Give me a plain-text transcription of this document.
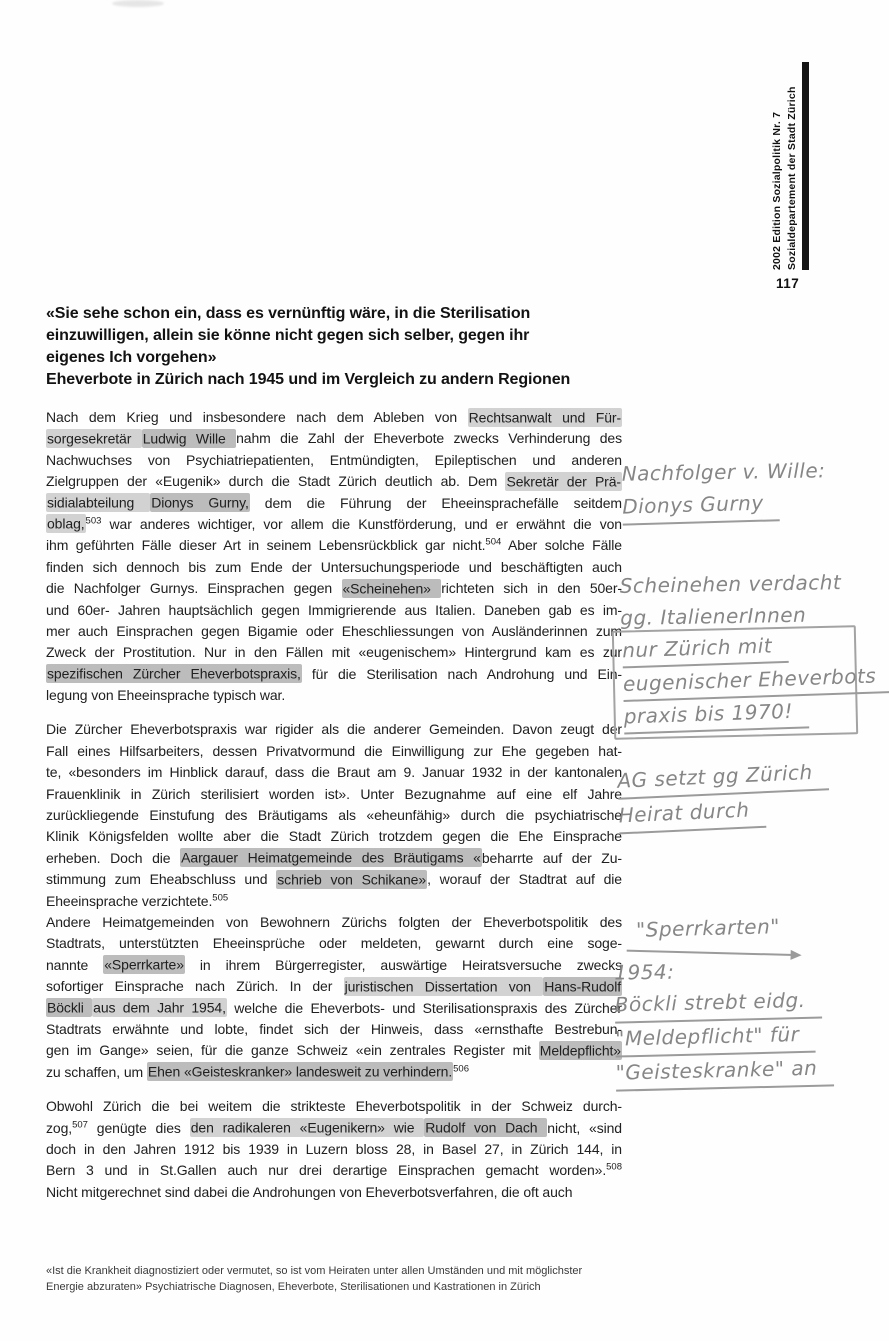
2002 Edition Sozialpolitik Nr. 7 Sozialdepartement der Stadt Zürich
117
«Sie sehe schon ein, dass es vernünftig wäre, in die Sterilisation
einzuwilligen, allein sie könne nicht gegen sich selber, gegen ihr
eigenes Ich vorgehen»
Eheverbote in Zürich nach 1945 und im Vergleich zu andern Regionen
Nach dem Krieg und insbesondere nach dem Ableben von Rechtsanwalt und Für-
sorgesekretär Ludwig Wille nahm die Zahl der Eheverbote zwecks Verhinderung des
Nachwuchses von Psychiatriepatienten, Entmündigten, Epileptischen und anderen
Zielgruppen der «Eugenik» durch die Stadt Zürich deutlich ab. Dem Sekretär der Prä-
sidialabteilung Dionys Gurny, dem die Führung der Eheeinsprachefälle seitdem
oblag,$^{503}$ war anderes wichtiger, vor allem die Kunstförderung, und er erwähnt die von
ihm geführten Fälle dieser Art in seinem Lebensrückblick gar nicht.$^{504}$ Aber solche Fälle
finden sich dennoch bis zum Ende der Untersuchungsperiode und beschäftigten auch
die Nachfolger Gurnys. Einsprachen gegen «Scheinehen» richteten sich in den 50er-
und 60er- Jahren hauptsächlich gegen Immigrierende aus Italien. Daneben gab es im-
mer auch Einsprachen gegen Bigamie oder Eheschliessungen von Ausländerinnen zum
Zweck der Prostitution. Nur in den Fällen mit «eugenischem» Hintergrund kam es zur
spezifischen Zürcher Eheverbotspraxis, für die Sterilisation nach Androhung und Ein-
legung von Eheeinsprache typisch war.
Die Zürcher Eheverbotspraxis war rigider als die anderer Gemeinden. Davon zeugt der
Fall eines Hilfsarbeiters, dessen Privatvormund die Einwilligung zur Ehe gegeben hat-
te, «besonders im Hinblick darauf, dass die Braut am 9. Januar 1932 in der kantonalen
Frauenklinik in Zürich sterilisiert worden ist». Unter Bezugnahme auf eine elf Jahre
zurückliegende Einstufung des Bräutigams als «eheunfähig» durch die psychiatrische
Klinik Königsfelden wollte aber die Stadt Zürich trotzdem gegen die Ehe Einsprache
erheben. Doch die Aargauer Heimatgemeinde des Bräutigams «beharrte auf der Zu-
stimmung zum Eheabschluss und schrieb von Schikane», worauf der Stadtrat auf die
Eheeinsprache verzichtete.$^{505}$
Andere Heimatgemeinden von Bewohnern Zürichs folgten der Eheverbotspolitik des
Stadtrats, unterstützten Eheeinsprüche oder meldeten, gewarnt durch eine soge-
nannte «Sperrkarte» in ihrem Bürgerregister, auswärtige Heiratsversuche zwecks
sofortiger Einsprache nach Zürich. In der juristischen Dissertation von Hans-Rudolf
Böckli aus dem Jahr 1954, welche die Eheverbots- und Sterilisationspraxis des Zürcher
Stadtrats erwähnte und lobte, findet sich der Hinweis, dass «ernsthafte Bestrebun-
gen im Gange» seien, für die ganze Schweiz «ein zentrales Register mit Meldepflicht»
zu schaffen, um Ehen «Geisteskranker» landesweit zu verhindern.$^{506}$
Obwohl Zürich die bei weitem die strikteste Eheverbotspolitik in der Schweiz durch-
zog,$^{507}$ genügte dies den radikaleren «Eugenikern» wie Rudolf von Dach nicht, «sind
doch in den Jahren 1912 bis 1939 in Luzern bloss 28, in Basel 27, in Zürich 144, in
Bern 3 und in St.Gallen auch nur drei derartige Einsprachen gemacht worden».$^{508}$
Nicht mitgerechnet sind dabei die Androhungen von Eheverbotsverfahren, die oft auch
Nachfolger v. Wille:
Dionys Gurny
Scheinehen verdacht
gg. ItalienerInnen
nur Zürich mit
eugenischer Eheverbots
praxis bis 1970!
AG setzt gg Zürich
Heirat durch
"Sperrkarten"
1954:
Böckli strebt eidg.
"Meldepflicht" für
"Geisteskranke" an
«Ist die Krankheit diagnostiziert oder vermutet, so ist vom Heiraten unter allen Umständen und mit möglichster
Energie abzuraten» Psychiatrische Diagnosen, Eheverbote, Sterilisationen und Kastrationen in Zürich
